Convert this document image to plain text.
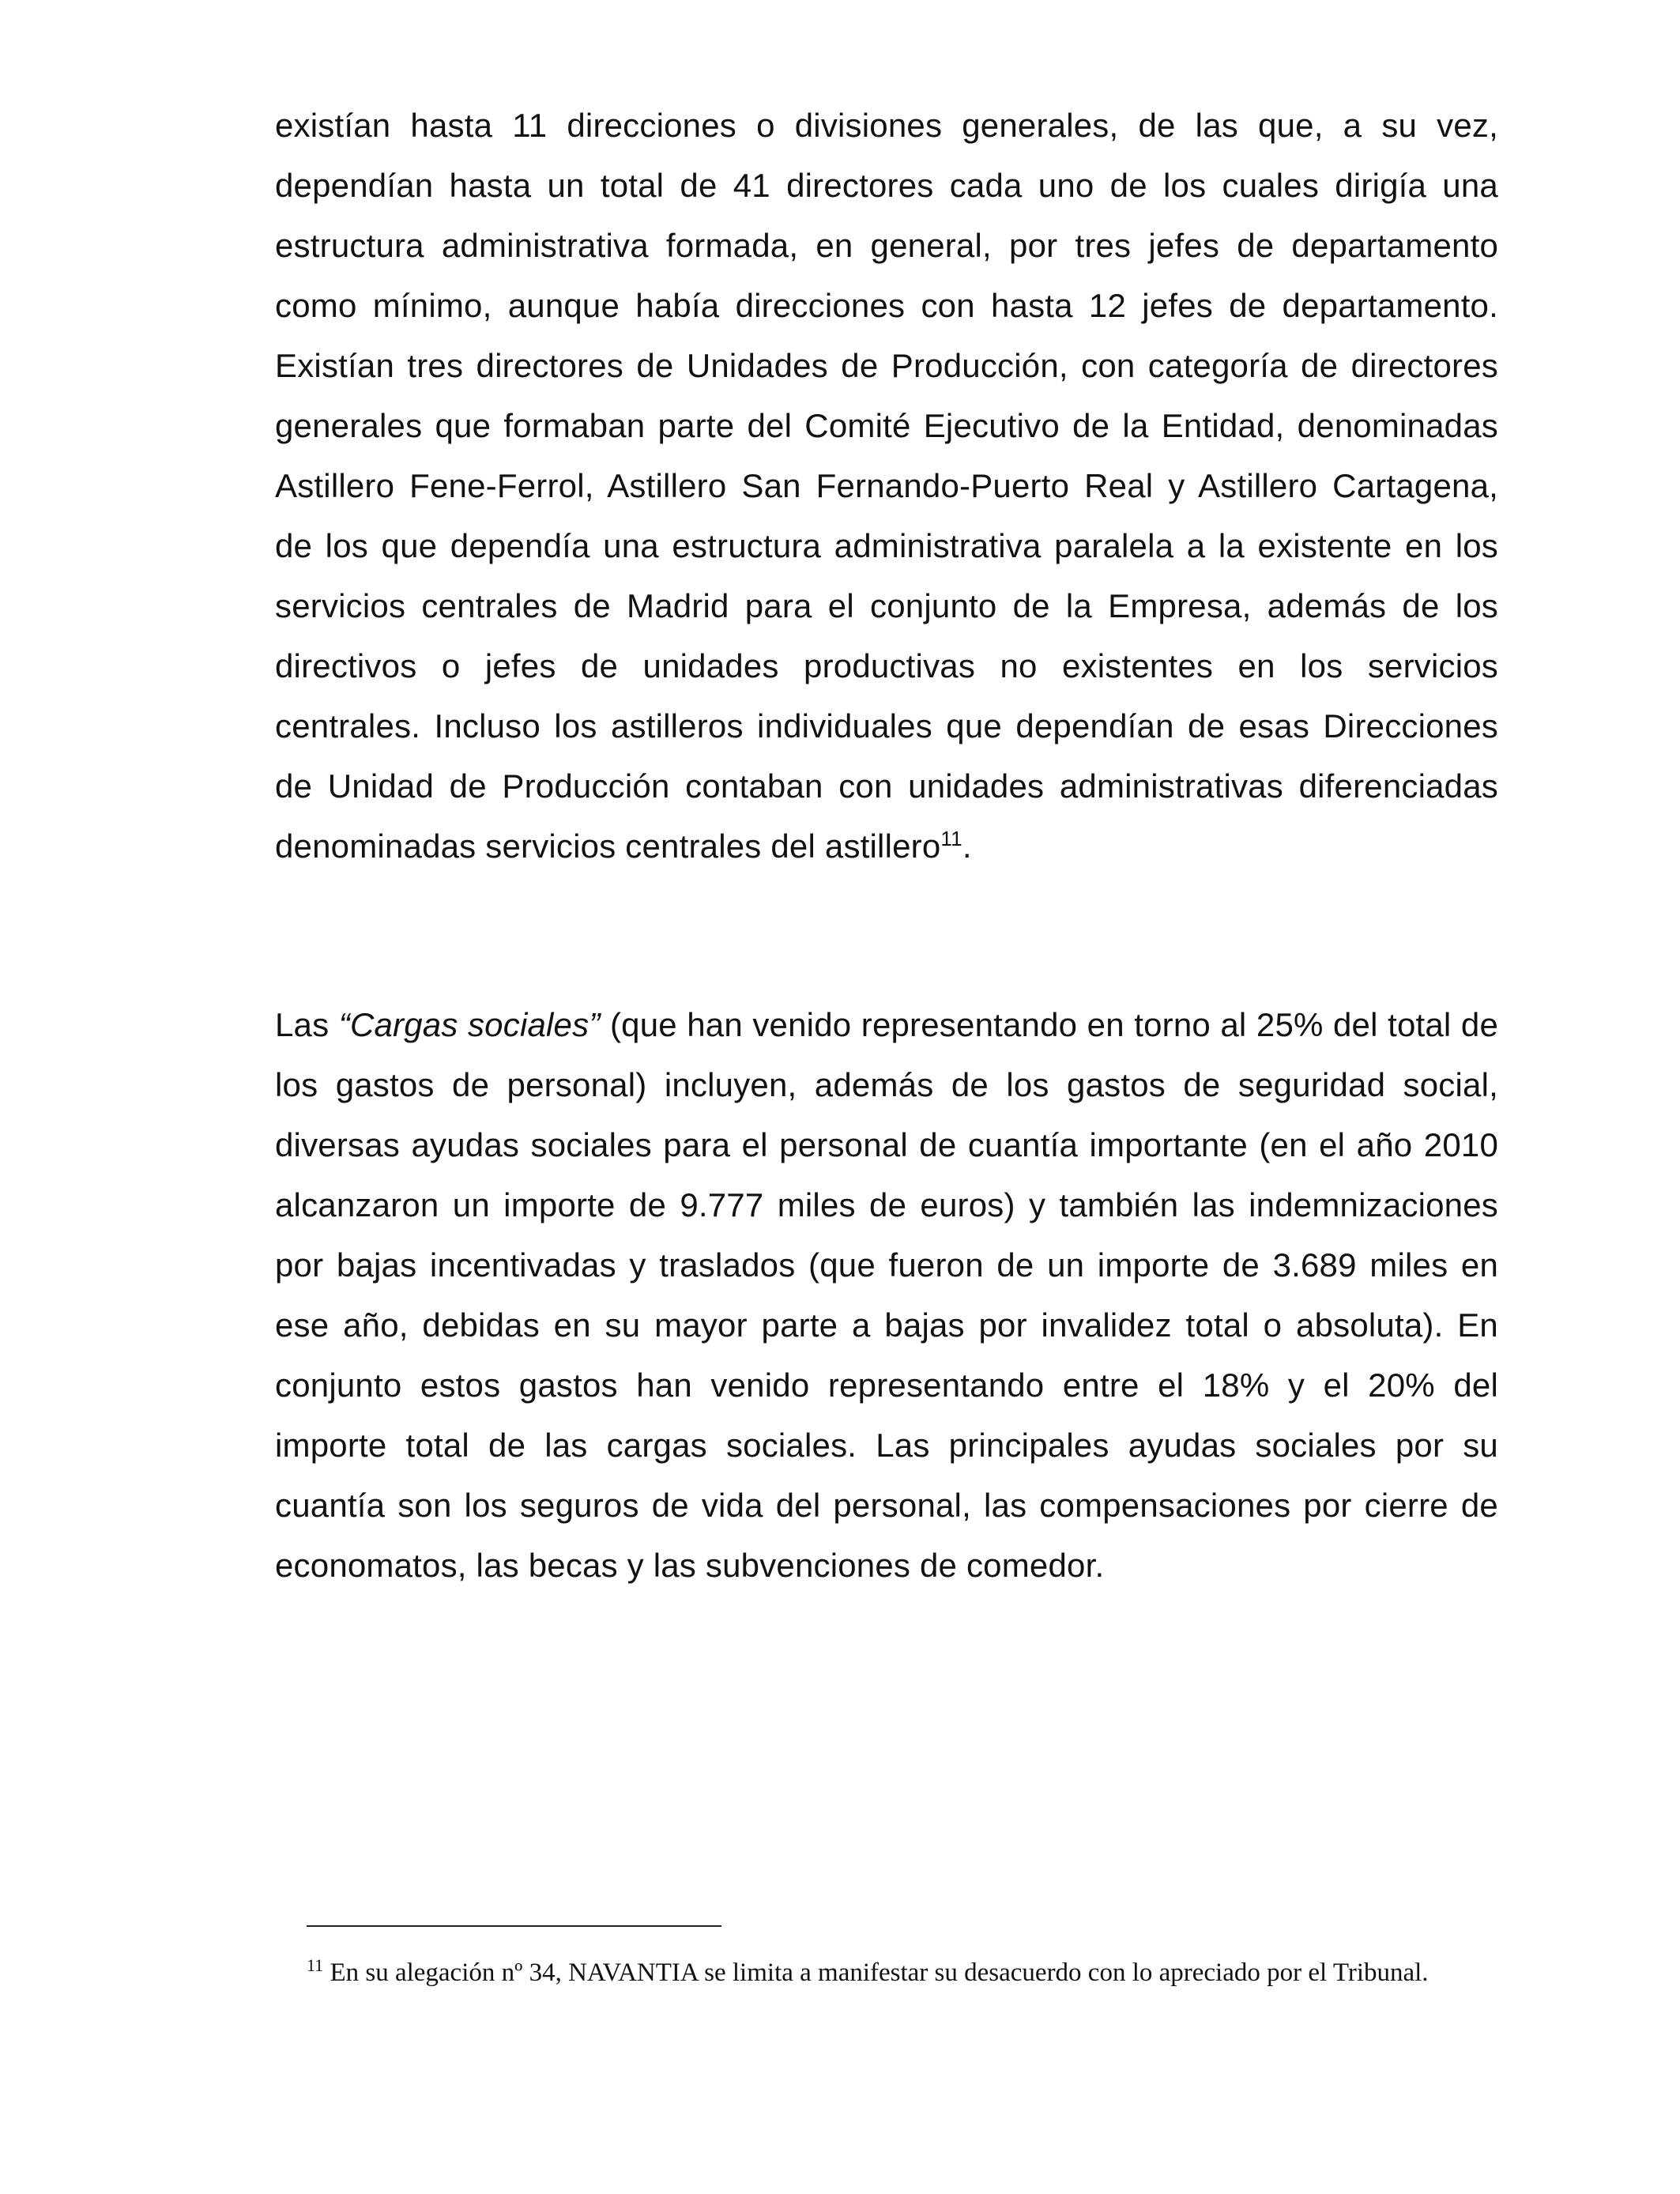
existían hasta 11 direcciones o divisiones generales, de las que, a su vez, dependían hasta un total de 41 directores cada uno de los cuales dirigía una estructura administrativa formada, en general, por tres jefes de departamento como mínimo, aunque había direcciones con hasta 12 jefes de departamento. Existían tres directores de Unidades de Producción, con categoría de directores generales que formaban parte del Comité Ejecutivo de la Entidad, denominadas Astillero Fene-Ferrol, Astillero San Fernando-Puerto Real y Astillero Cartagena, de los que dependía una estructura administrativa paralela a la existente en los servicios centrales de Madrid para el conjunto de la Empresa, además de los directivos o jefes de unidades productivas no existentes en los servicios centrales. Incluso los astilleros individuales que dependían de esas Direcciones de Unidad de Producción contaban con unidades administrativas diferenciadas denominadas servicios centrales del astillero$^{11}$.

Las “Cargas sociales” (que han venido representando en torno al 25% del total de los gastos de personal) incluyen, además de los gastos de seguridad social, diversas ayudas sociales para el personal de cuantía importante (en el año 2010 alcanzaron un importe de 9.777 miles de euros) y también las indemnizaciones por bajas incentivadas y traslados (que fueron de un importe de 3.689 miles en ese año, debidas en su mayor parte a bajas por invalidez total o absoluta). En conjunto estos gastos han venido representando entre el 18% y el 20% del importe total de las cargas sociales. Las principales ayudas sociales por su cuantía son los seguros de vida del personal, las compensaciones por cierre de economatos, las becas y las subvenciones de comedor.

$^{11}$ En su alegación nº 34, NAVANTIA se limita a manifestar su desacuerdo con lo apreciado por el Tribunal.
